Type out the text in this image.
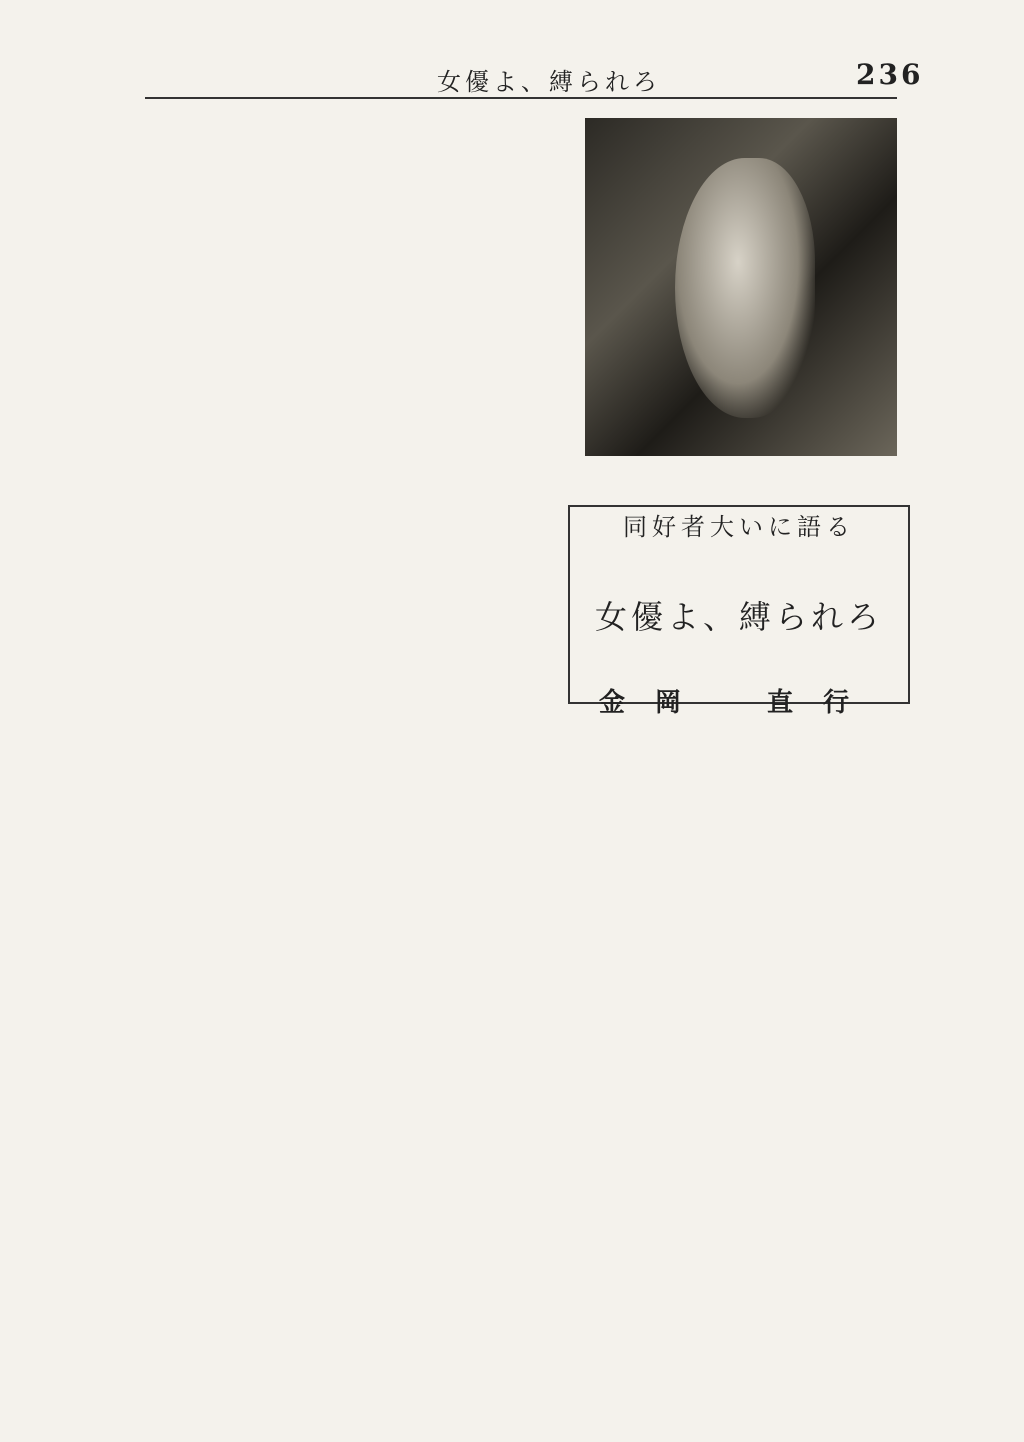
女優よ、縛られろ	236
同好者大いに語る
女優よ、縛られろ
金岡　直行
